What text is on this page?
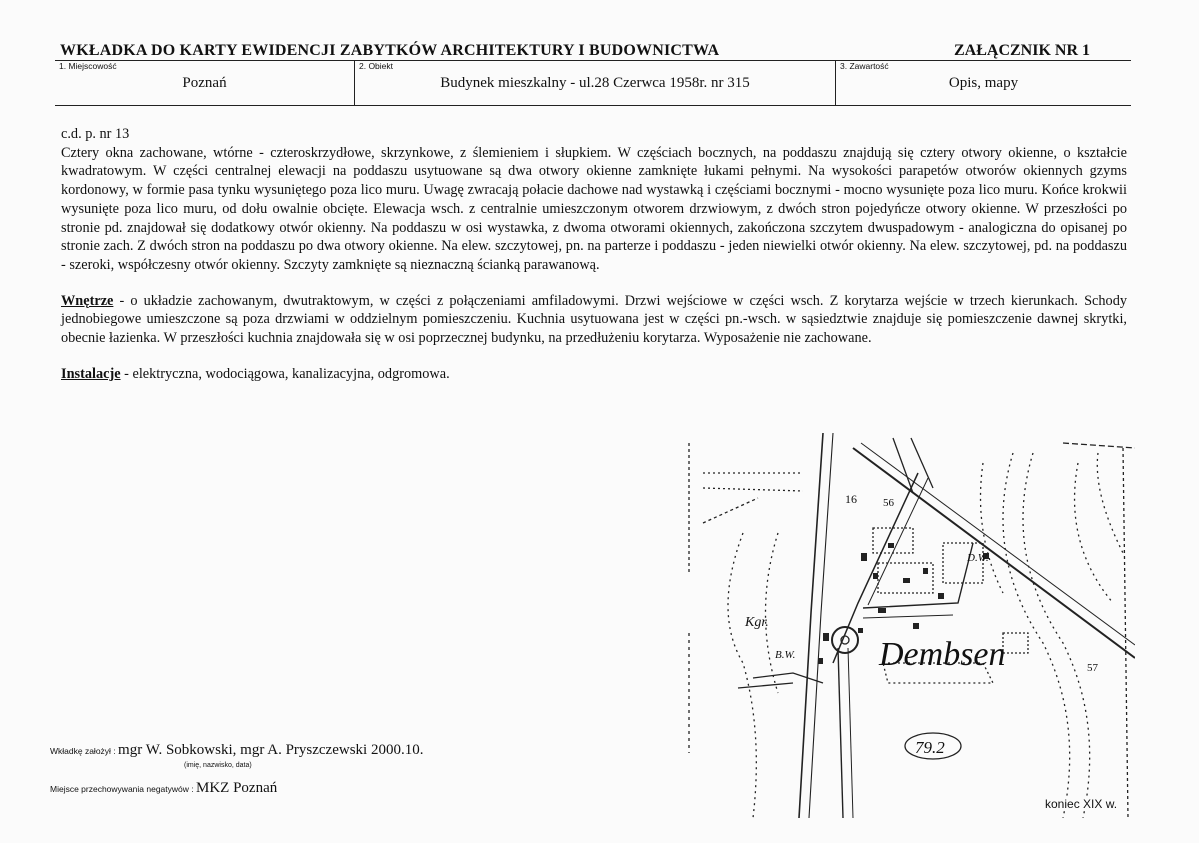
WKŁADKA DO KARTY EWIDENCJI ZABYTKÓW ARCHITEKTURY I BUDOWNICTWA	ZAŁĄCZNIK NR 1
1. Miejscowość
Poznań
2. Obiekt
Budynek mieszkalny - ul.28 Czerwca 1958r. nr 315
3. Zawartość
Opis, mapy

c.d. p. nr 13

Cztery okna zachowane, wtórne - czteroskrzydłowe, skrzynkowe, z ślemieniem i słupkiem. W częściach bocznych, na poddaszu znajdują się cztery otwory okienne, o kształcie kwadratowym. W części centralnej elewacji na poddaszu usytuowane są dwa otwory okienne zamknięte łukami pełnymi. Na wysokości parapetów otworów okiennych gzyms kordonowy, w formie pasa tynku wysuniętego poza lico muru. Uwagę zwracają połacie dachowe nad wystawką i częściami bocznymi - mocno wysunięte poza lico muru. Końce krokwii wysunięte poza lico muru, od dołu owalnie obcięte. Elewacja wsch. z centralnie umieszczonym otworem drzwiowym, z dwóch stron pojedyńcze otwory okienne. W przeszłości po stronie pd. znajdował się dodatkowy otwór okienny. Na poddaszu w osi wystawka, z dwoma otworami okiennych, zakończona szczytem dwuspadowym - analogiczna do opisanej po stronie zach. Z dwóch stron na poddaszu po dwa otwory okienne. Na elew. szczytowej, pn. na parterze i poddaszu - jeden niewielki otwór okienny. Na elew. szczytowej, pd. na poddaszu - szeroki, współczesny otwór okienny. Szczyty zamknięte są nieznaczną ścianką parawanową.

Wnętrze - o układzie zachowanym, dwutraktowym, w części z połączeniami amfiladowymi. Drzwi wejściowe w części wsch. Z korytarza wejście w trzech kierunkach. Schody jednobiegowe umieszczone są poza drzwiami w oddzielnym pomieszczeniu. Kuchnia usytuowana jest w części pn.-wsch. w sąsiedztwie znajduje się pomieszczenie dawnej skrytki, obecnie łazienka. W przeszłości kuchnia znajdowała się w osi poprzecznej budynku, na przedłużeniu korytarza. Wyposażenie nie zachowane.

Instalacje - elektryczna, wodociągowa, kanalizacyjna, odgromowa.

Wkładkę założył : mgr W. Sobkowski, mgr A. Pryszczewski 2000.10.
(imię, nazwisko, data)
Miejsce przechowywania negatywów : MKZ Poznań
Dembsen
Kgr.
B.W.
D.W.
16 56
57
79.2
koniec XIX w.
